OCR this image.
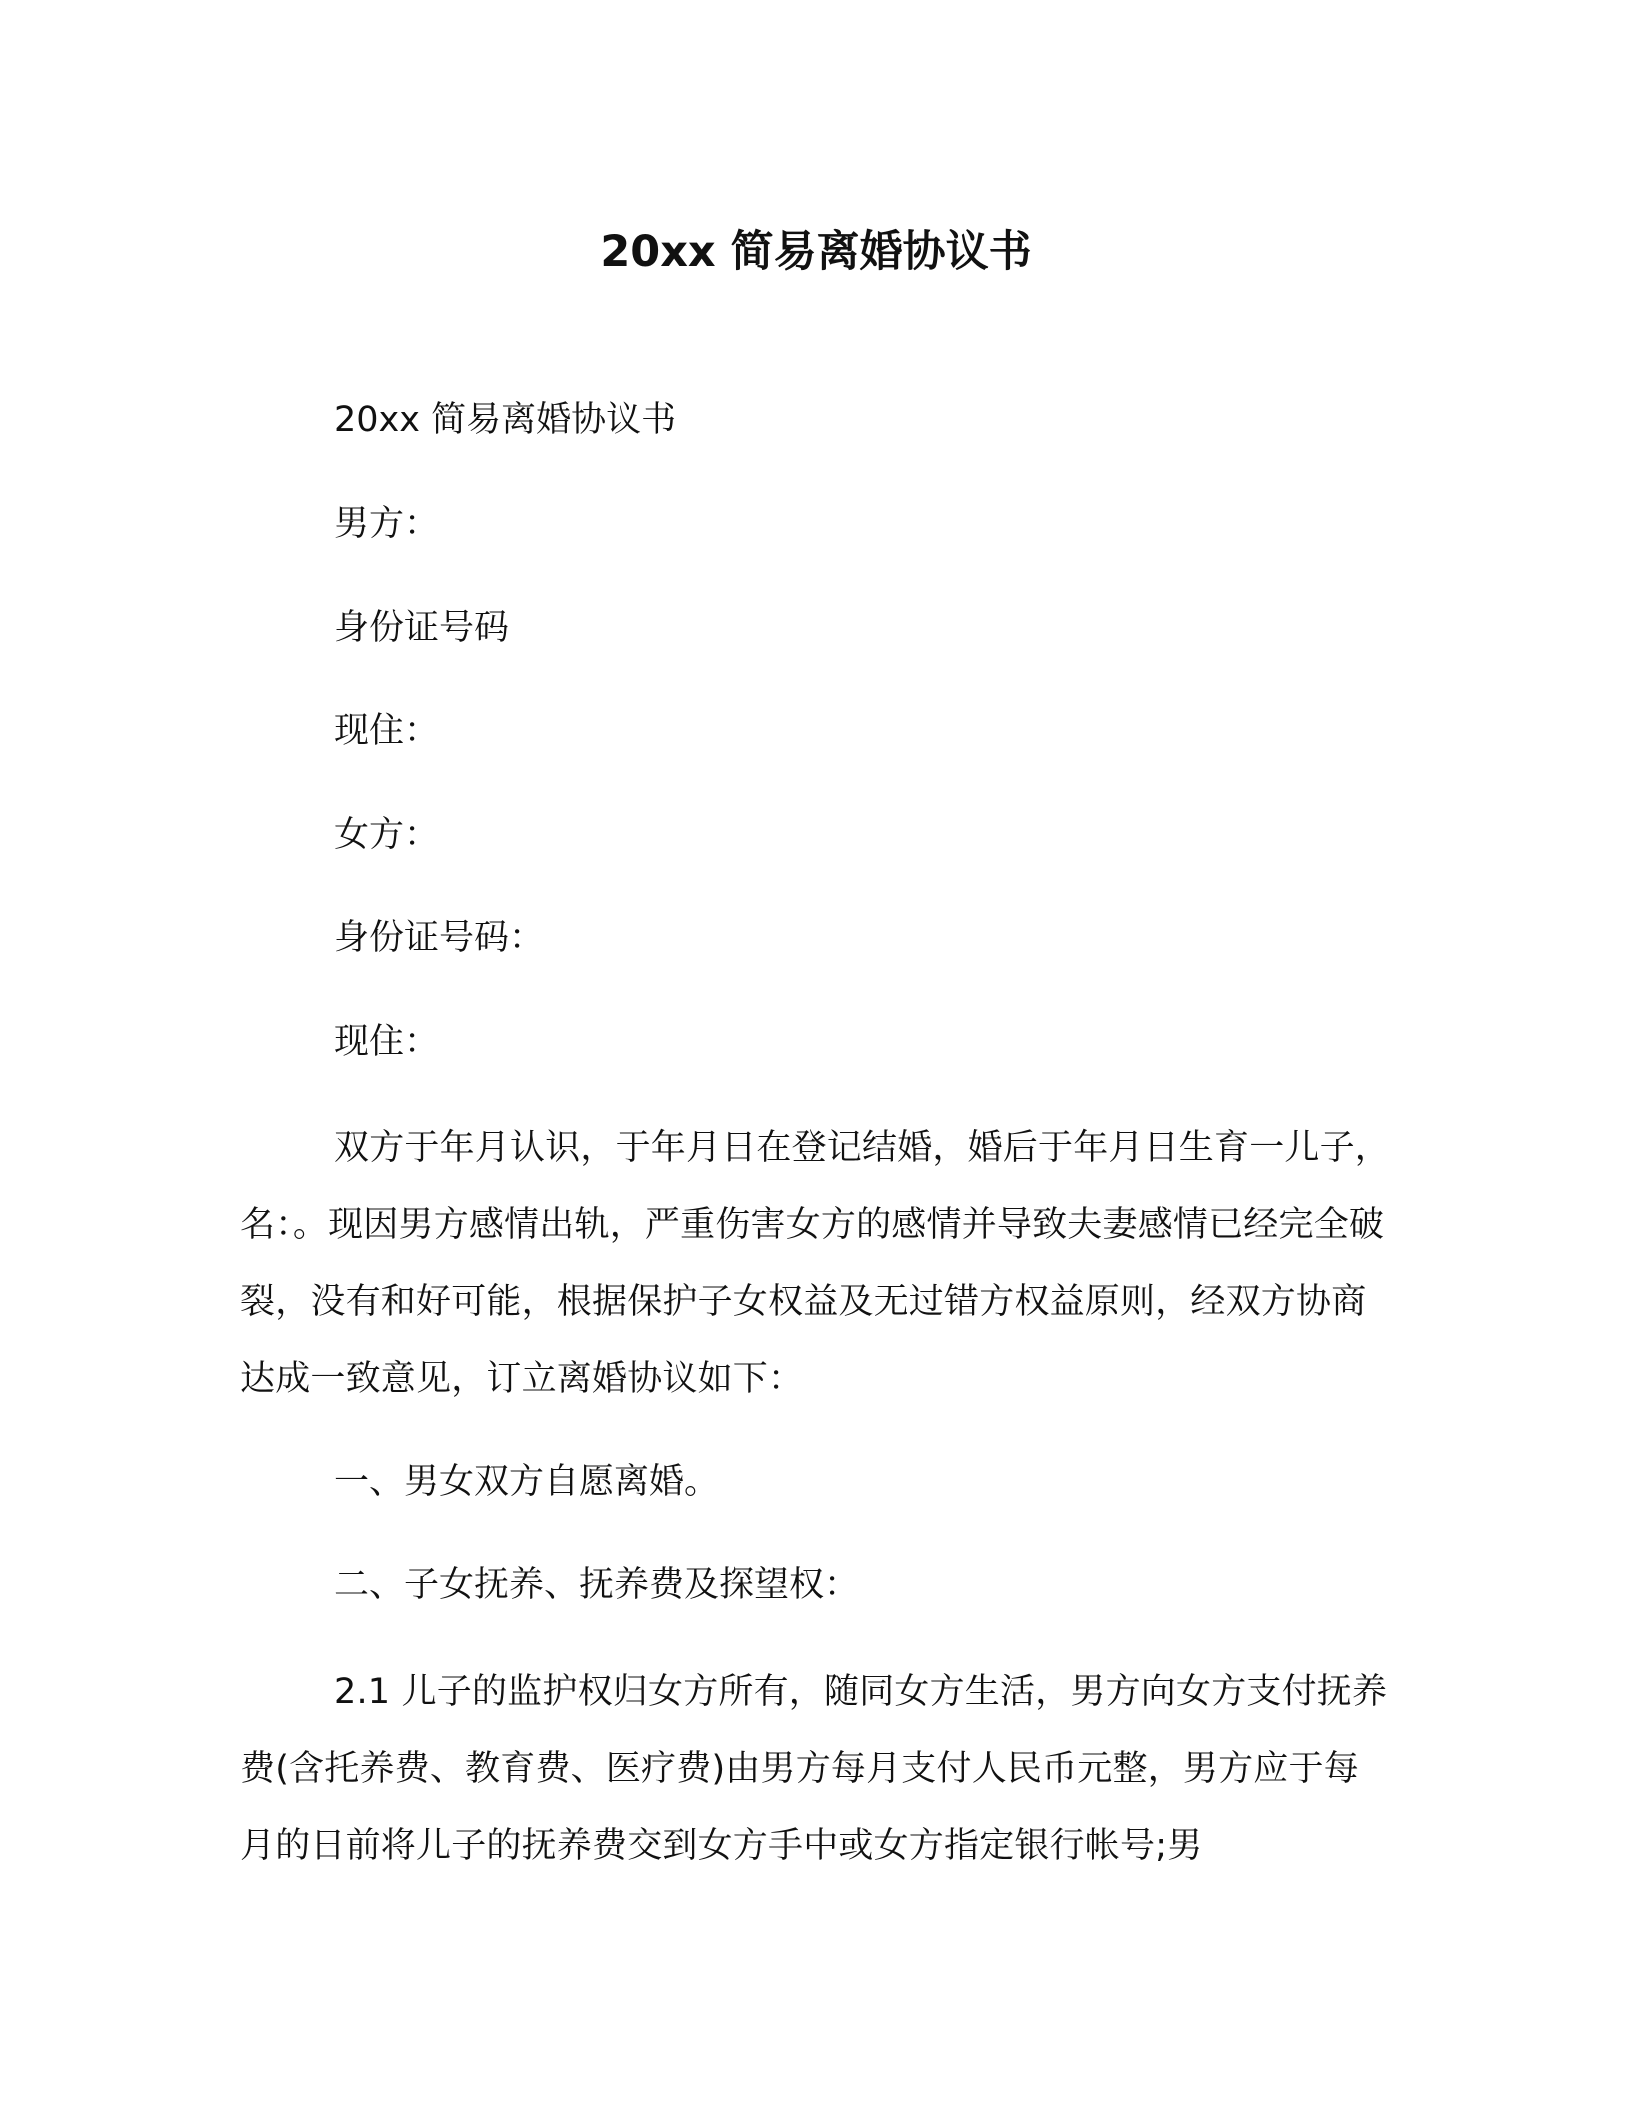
20xx 简易离婚协议书
20xx 简易离婚协议书
男方：
身份证号码
现住：
女方：
身份证号码：
现住：

双方于年月认识，于年月日在登记结婚，婚后于年月日生育一儿子，名：。现因男方感情出轨，严重伤害女方的感情并导致夫妻感情已经完全破裂，没有和好可能，根据保护子女权益及无过错方权益原则，经双方协商达成一致意见，订立离婚协议如下：

一、男女双方自愿离婚。
二、子女抚养、抚养费及探望权：

2.1 儿子的监护权归女方所有，随同女方生活，男方向女方支付抚养费(含托养费、教育费、医疗费)由男方每月支付人民币元整，男方应于每月的日前将儿子的抚养费交到女方手中或女方指定银行帐号;男
